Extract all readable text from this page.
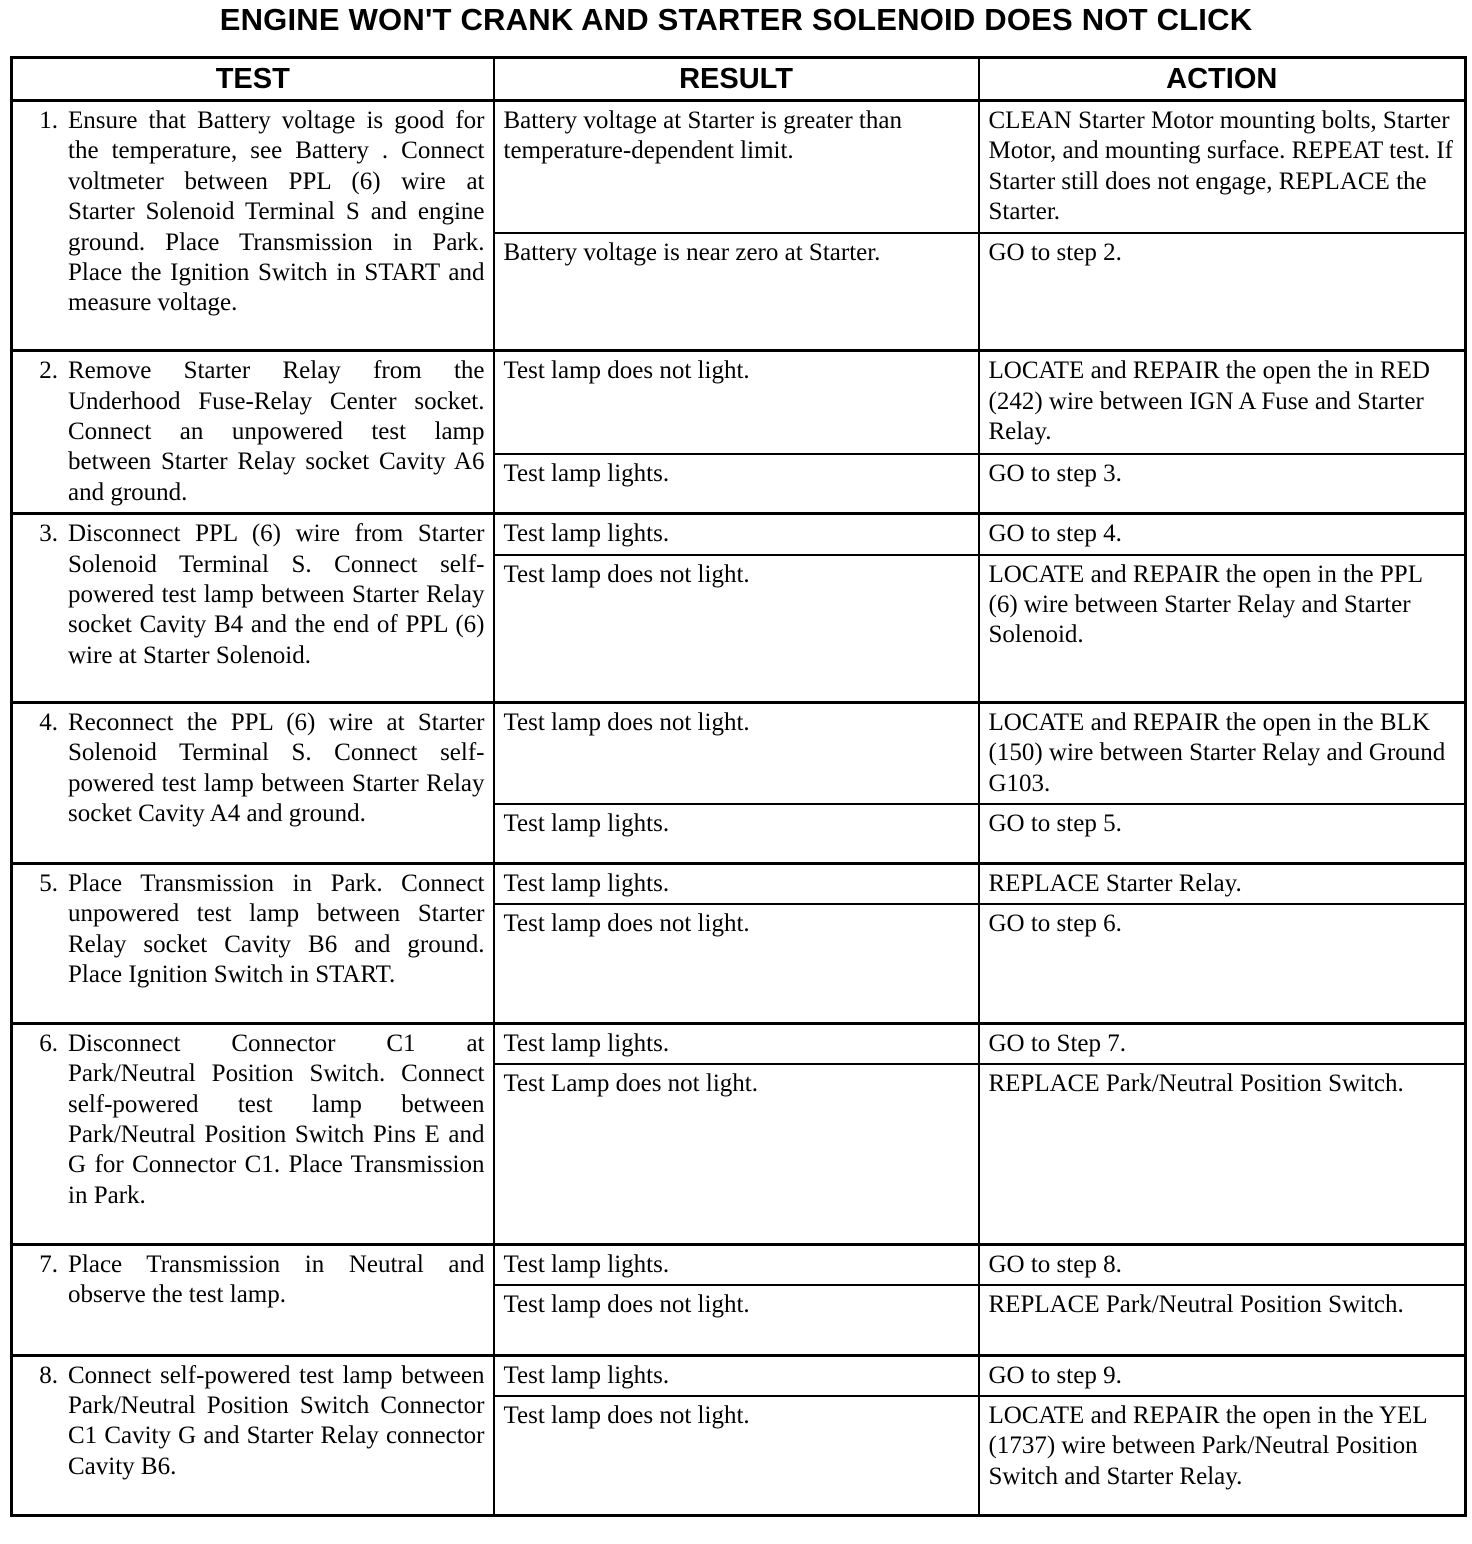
ENGINE WON'T CRANK AND STARTER SOLENOID DOES NOT CLICK
TEST	RESULT	ACTION

1. Ensure that Battery voltage is good for the temperature, see Battery . Connect voltmeter between PPL (6) wire at Starter Solenoid Terminal S and engine ground. Place Transmission in Park. Place the Ignition Switch in START and measure voltage.	Battery voltage at Starter is greater than temperature-dependent limit.	CLEAN Starter Motor mounting bolts, Starter Motor, and mounting surface. REPEAT test. If Starter still does not engage, REPLACE the Starter.

	Battery voltage is near zero at Starter.	GO to step 2.

2. Remove Starter Relay from the Underhood Fuse-Relay Center socket. Connect an unpowered test lamp between Starter Relay socket Cavity A6 and ground.	Test lamp does not light.	LOCATE and REPAIR the open the in RED (242) wire between IGN A Fuse and Starter Relay.

	Test lamp lights.	GO to step 3.

3. Disconnect PPL (6) wire from Starter Solenoid Terminal S. Connect self-powered test lamp between Starter Relay socket Cavity B4 and the end of PPL (6) wire at Starter Solenoid.	Test lamp lights.	GO to step 4.

	Test lamp does not light.	LOCATE and REPAIR the open in the PPL (6) wire between Starter Relay and Starter Solenoid.

4. Reconnect the PPL (6) wire at Starter Solenoid Terminal S. Connect self-powered test lamp between Starter Relay socket Cavity A4 and ground.	Test lamp does not light.	LOCATE and REPAIR the open in the BLK (150) wire between Starter Relay and Ground G103.

	Test lamp lights.	GO to step 5.

5. Place Transmission in Park. Connect unpowered test lamp between Starter Relay socket Cavity B6 and ground. Place Ignition Switch in START.	Test lamp lights.	REPLACE Starter Relay.

	Test lamp does not light.	GO to step 6.

6. Disconnect Connector C1 at Park/Neutral Position Switch. Connect self-powered test lamp between Park/Neutral Position Switch Pins E and G for Connector C1. Place Transmission in Park.	Test lamp lights.	GO to Step 7.

	Test Lamp does not light.	REPLACE Park/Neutral Position Switch.

7. Place Transmission in Neutral and observe the test lamp.	Test lamp lights.	GO to step 8.

	Test lamp does not light.	REPLACE Park/Neutral Position Switch.

8. Connect self-powered test lamp between Park/Neutral Position Switch Connector C1 Cavity G and Starter Relay connector Cavity B6.	Test lamp lights.	GO to step 9.

	Test lamp does not light.	LOCATE and REPAIR the open in the YEL (1737) wire between Park/Neutral Position Switch and Starter Relay.
